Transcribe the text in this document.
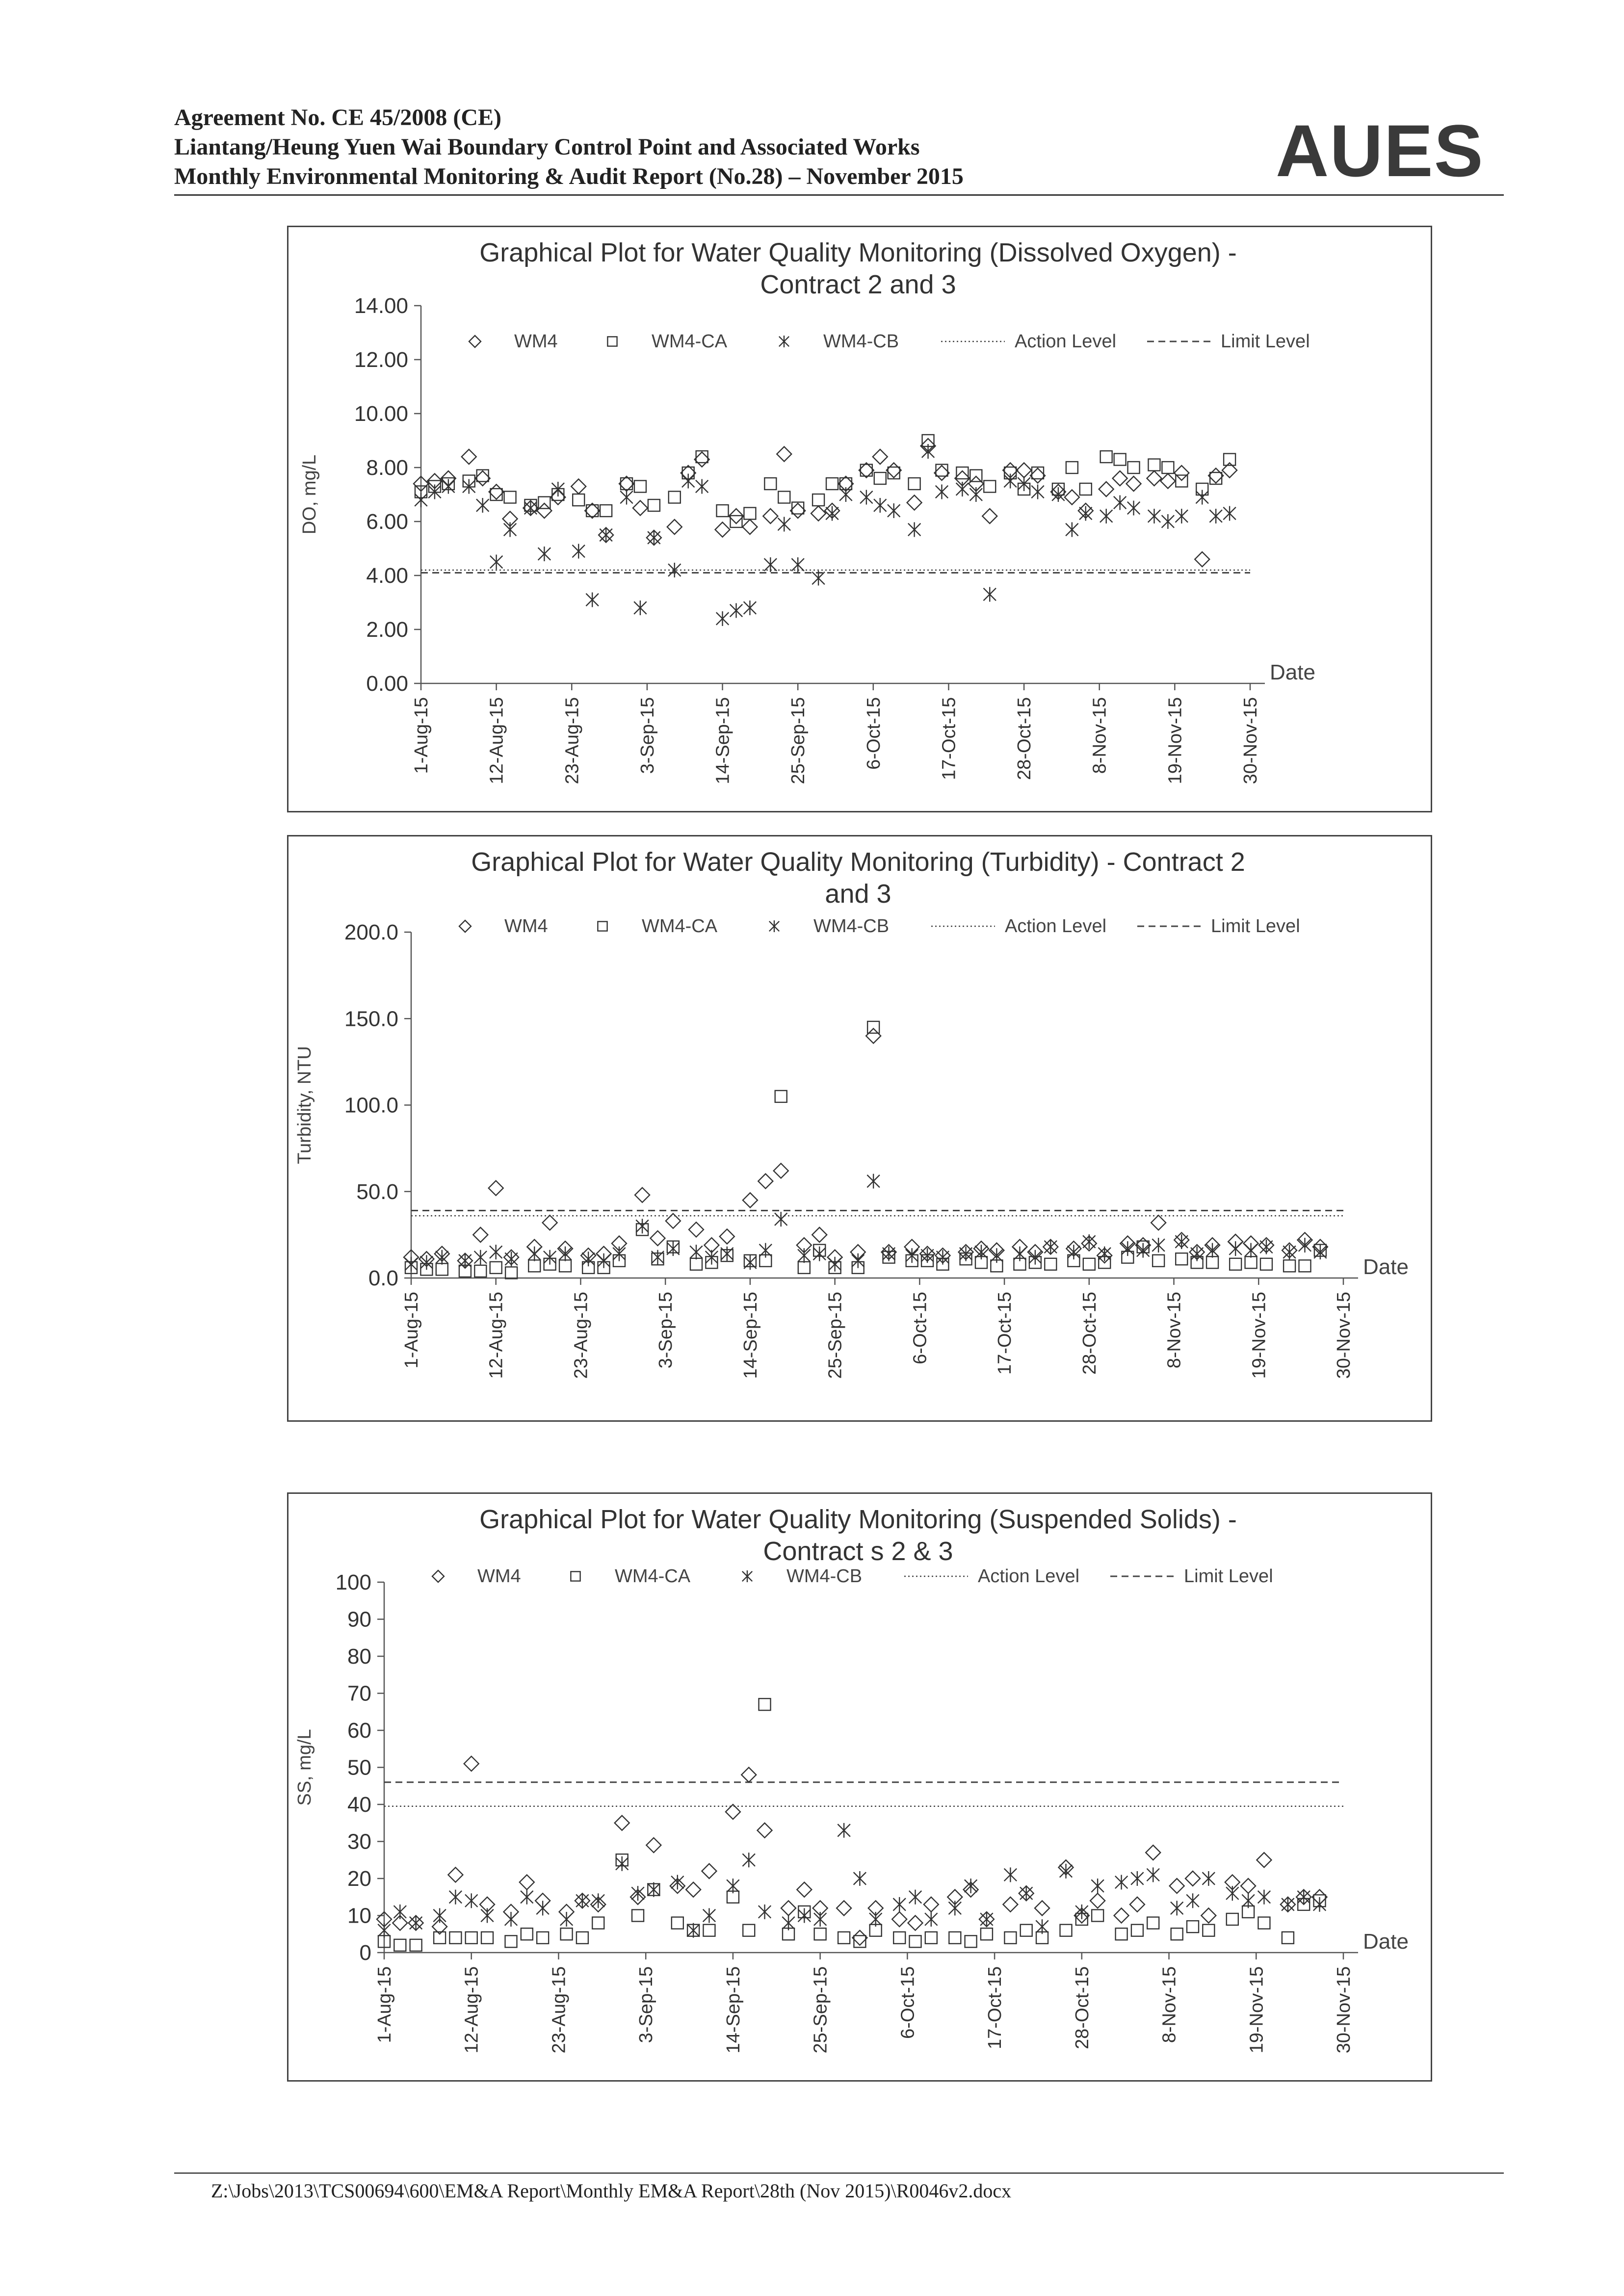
Agreement No. CE 45/2008 (CE)
Liantang/Heung Yuen Wai Boundary Control Point and Associated Works
Monthly Environmental Monitoring & Audit Report (No.28) – November 2015	AUES
Graphical Plot for Water Quality Monitoring (Dissolved Oxygen) -
Contract 2 and 3
DO, mg/L
0.00
2.00
4.00
6.00
8.00
10.00
12.00
14.00
1-Aug-15	12-Aug-15	23-Aug-15	3-Sep-15	14-Sep-15	25-Sep-15	6-Oct-15	17-Oct-15	28-Oct-15	8-Nov-15	19-Nov-15	30-Nov-15
Date
WM4	WM4-CA	WM4-CB	Action Level	Limit Level
Graphical Plot for Water Quality Monitoring (Turbidity) - Contract 2
and 3
Turbidity, NTU
0.0
50.0
100.0
150.0
200.0
1-Aug-15	12-Aug-15	23-Aug-15	3-Sep-15	14-Sep-15	25-Sep-15	6-Oct-15	17-Oct-15	28-Oct-15	8-Nov-15	19-Nov-15	30-Nov-15
Date
WM4	WM4-CA	WM4-CB	Action Level	Limit Level
Graphical Plot for Water Quality Monitoring (Suspended Solids) -
Contract s 2 & 3
SS, mg/L
0
10
20
30
40
50
60
70
80
90
100
1-Aug-15	12-Aug-15	23-Aug-15	3-Sep-15	14-Sep-15	25-Sep-15	6-Oct-15	17-Oct-15	28-Oct-15	8-Nov-15	19-Nov-15	30-Nov-15
Date
WM4	WM4-CA	WM4-CB	Action Level	Limit Level
Z:\Jobs\2013\TCS00694\600\EM&A Report\Monthly EM&A Report\28th (Nov 2015)\R0046v2.docx
